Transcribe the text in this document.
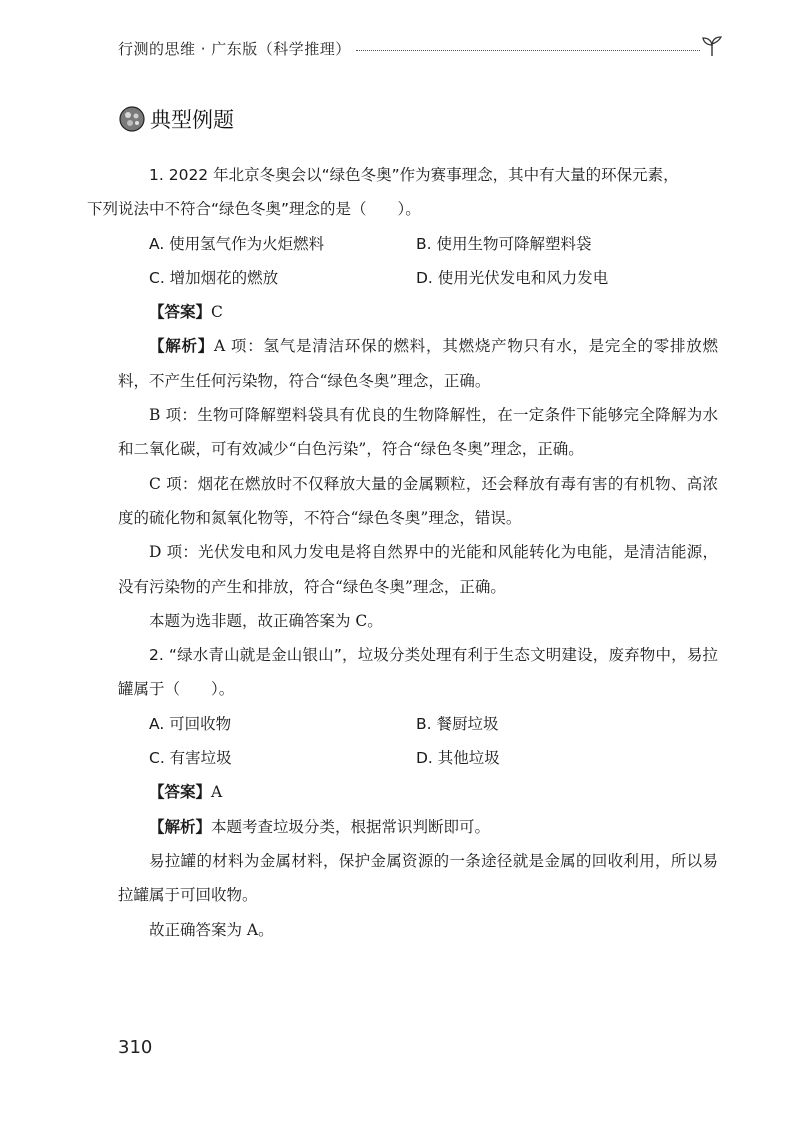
行测的思维 · 广东版（科学推理）
典型例题

1. 2022 年北京冬奥会以“绿色冬奥”作为赛事理念，其中有大量的环保元素，
下列说法中不符合“绿色冬奥”理念的是（　　）。

A. 使用氢气作为火炬燃料	B. 使用生物可降解塑料袋
C. 增加烟花的燃放	D. 使用光伏发电和风力发电

【答案】C

【解析】A 项：氢气是清洁环保的燃料，其燃烧产物只有水，是完全的零排放燃料，不产生任何污染物，符合“绿色冬奥”理念，正确。

B 项：生物可降解塑料袋具有优良的生物降解性，在一定条件下能够完全降解为水和二氧化碳，可有效减少“白色污染”，符合“绿色冬奥”理念，正确。

C 项：烟花在燃放时不仅释放大量的金属颗粒，还会释放有毒有害的有机物、高浓度的硫化物和氮氧化物等，不符合“绿色冬奥”理念，错误。

D 项：光伏发电和风力发电是将自然界中的光能和风能转化为电能，是清洁能源，没有污染物的产生和排放，符合“绿色冬奥”理念，正确。

本题为选非题，故正确答案为 C。

2. “绿水青山就是金山银山”，垃圾分类处理有利于生态文明建设，废弃物中，易拉罐属于（　　）。

A. 可回收物	B. 餐厨垃圾
C. 有害垃圾	D. 其他垃圾

【答案】A

【解析】本题考查垃圾分类，根据常识判断即可。

易拉罐的材料为金属材料，保护金属资源的一条途径就是金属的回收利用，所以易拉罐属于可回收物。

故正确答案为 A。

310
